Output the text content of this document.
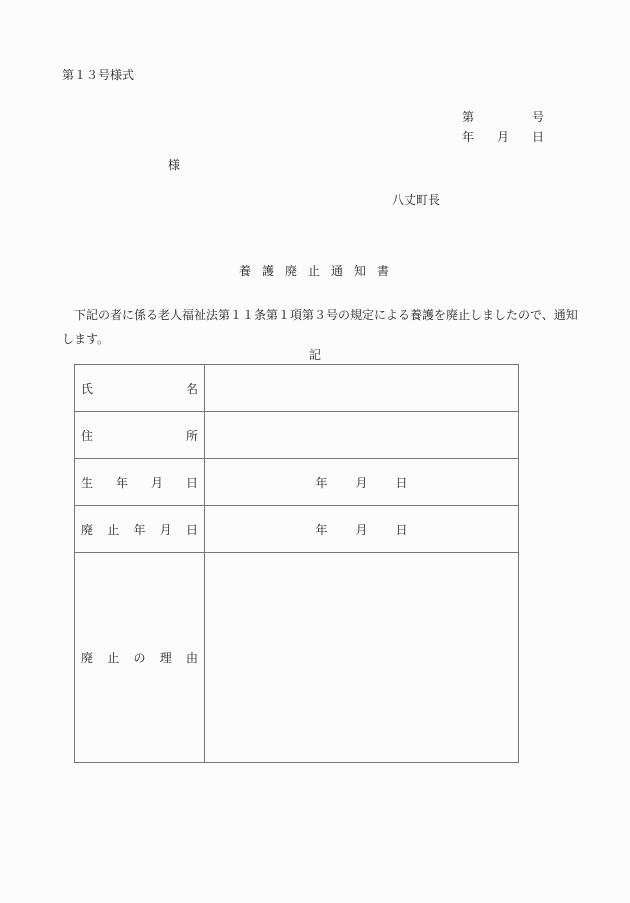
第１３号様式
第	号
年 月 日
様
八丈町長
養護廃止通知書
下記の者に係る老人福祉法第１１条第１項第３号の規定による養護を廃止しましたので、通知します。
記
氏 名	

住 所	

生 年 月 日	年 月 日

廃 止 年 月 日	年 月 日

廃 止 の 理 由	
